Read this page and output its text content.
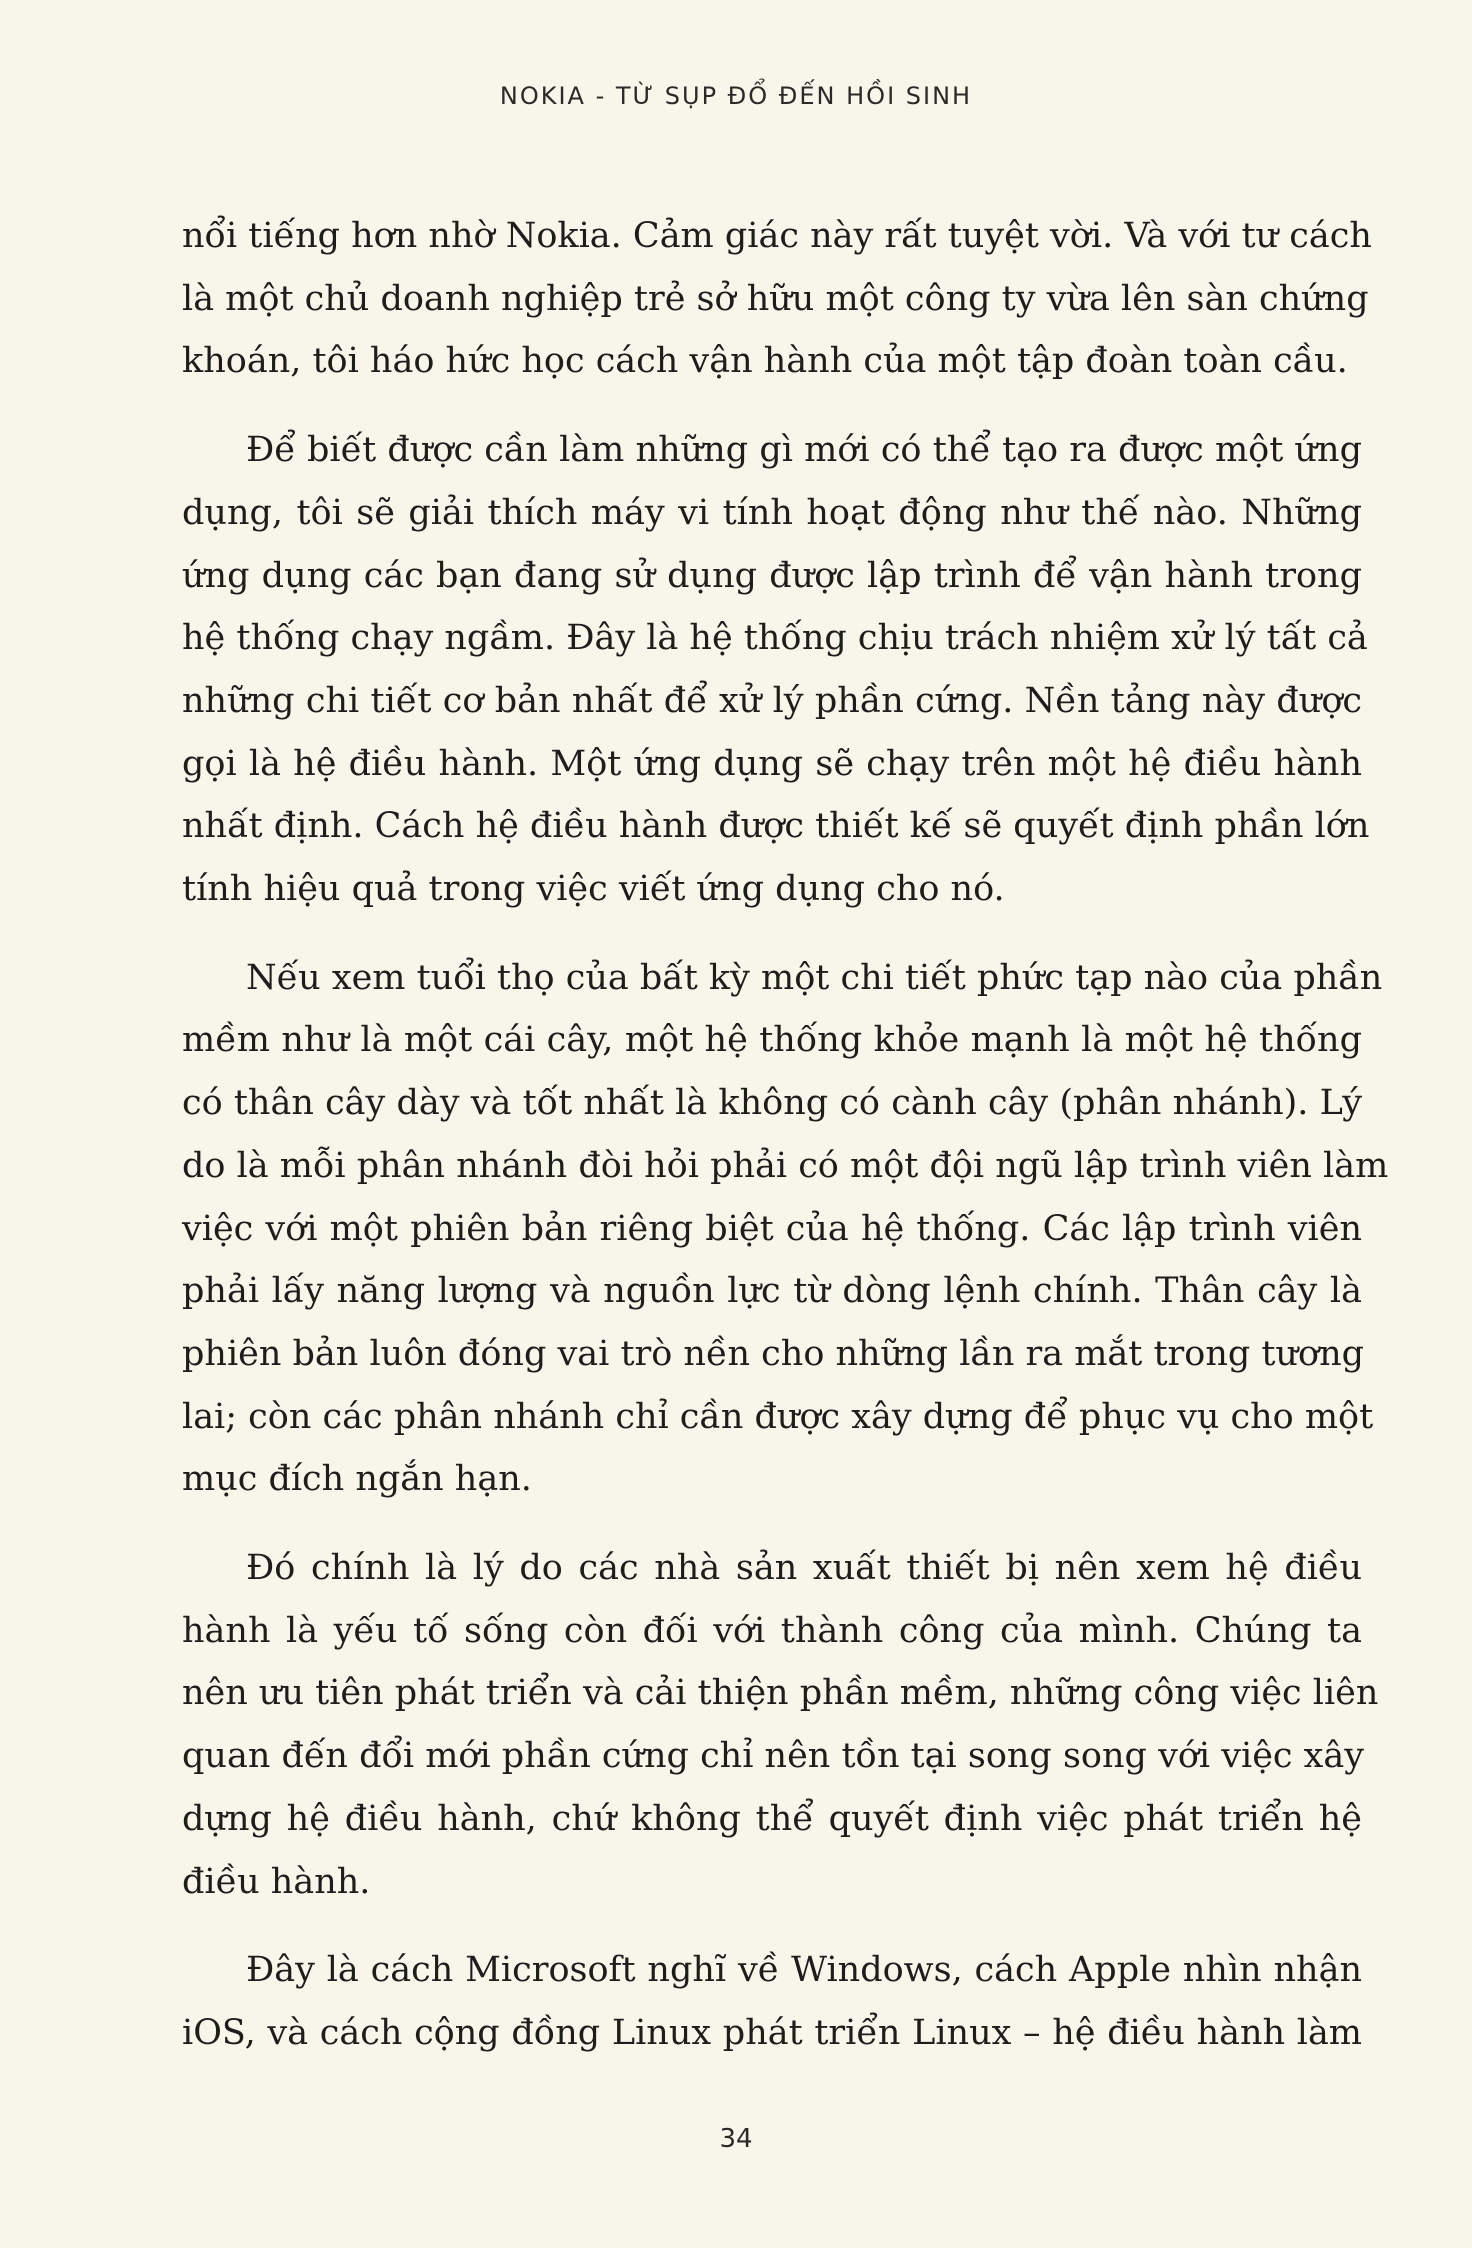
NOKIA - TỪ SỤP ĐỔ ĐẾN HỒI SINH
nổi tiếng hơn nhờ Nokia. Cảm giác này rất tuyệt vời. Và với tư cách
là một chủ doanh nghiệp trẻ sở hữu một công ty vừa lên sàn chứng
khoán, tôi háo hức học cách vận hành của một tập đoàn toàn cầu.
Để biết được cần làm những gì mới có thể tạo ra được một ứng
dụng, tôi sẽ giải thích máy vi tính hoạt động như thế nào. Những
ứng dụng các bạn đang sử dụng được lập trình để vận hành trong
hệ thống chạy ngầm. Đây là hệ thống chịu trách nhiệm xử lý tất cả
những chi tiết cơ bản nhất để xử lý phần cứng. Nền tảng này được
gọi là hệ điều hành. Một ứng dụng sẽ chạy trên một hệ điều hành
nhất định. Cách hệ điều hành được thiết kế sẽ quyết định phần lớn
tính hiệu quả trong việc viết ứng dụng cho nó.
Nếu xem tuổi thọ của bất kỳ một chi tiết phức tạp nào của phần
mềm như là một cái cây, một hệ thống khỏe mạnh là một hệ thống
có thân cây dày và tốt nhất là không có cành cây (phân nhánh). Lý
do là mỗi phân nhánh đòi hỏi phải có một đội ngũ lập trình viên làm
việc với một phiên bản riêng biệt của hệ thống. Các lập trình viên
phải lấy năng lượng và nguồn lực từ dòng lệnh chính. Thân cây là
phiên bản luôn đóng vai trò nền cho những lần ra mắt trong tương
lai; còn các phân nhánh chỉ cần được xây dựng để phục vụ cho một
mục đích ngắn hạn.
Đó chính là lý do các nhà sản xuất thiết bị nên xem hệ điều
hành là yếu tố sống còn đối với thành công của mình. Chúng ta
nên ưu tiên phát triển và cải thiện phần mềm, những công việc liên
quan đến đổi mới phần cứng chỉ nên tồn tại song song với việc xây
dựng hệ điều hành, chứ không thể quyết định việc phát triển hệ
điều hành.
Đây là cách Microsoft nghĩ về Windows, cách Apple nhìn nhận
iOS, và cách cộng đồng Linux phát triển Linux – hệ điều hành làm
34
